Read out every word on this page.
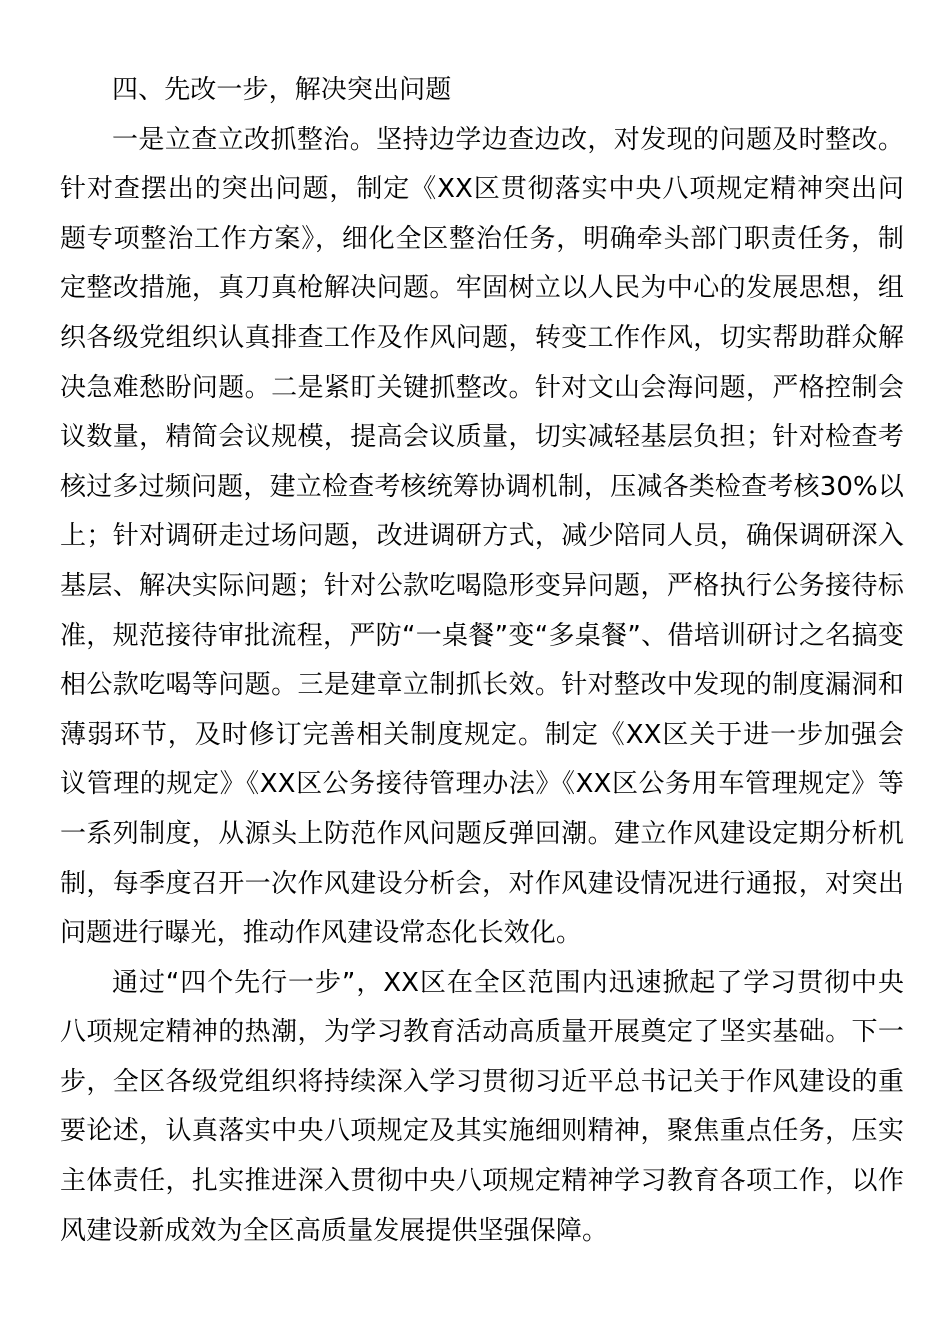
四、先改一步，解决突出问题

一是立查立改抓整治。坚持边学边查边改，对发现的问题及时整改。针对查摆出的突出问题，制定《XX区贯彻落实中央八项规定精神突出问题专项整治工作方案》，细化全区整治任务，明确牵头部门职责任务，制定整改措施，真刀真枪解决问题。牢固树立以人民为中心的发展思想，组织各级党组织认真排查工作及作风问题，转变工作作风，切实帮助群众解决急难愁盼问题。二是紧盯关键抓整改。针对文山会海问题，严格控制会议数量，精简会议规模，提高会议质量，切实减轻基层负担；针对检查考核过多过频问题，建立检查考核统筹协调机制，压减各类检查考核30%以上；针对调研走过场问题，改进调研方式，减少陪同人员，确保调研深入基层、解决实际问题；针对公款吃喝隐形变异问题，严格执行公务接待标准，规范接待审批流程，严防“一桌餐”变“多桌餐”、借培训研讨之名搞变相公款吃喝等问题。三是建章立制抓长效。针对整改中发现的制度漏洞和薄弱环节，及时修订完善相关制度规定。制定《XX区关于进一步加强会议管理的规定》《XX区公务接待管理办法》《XX区公务用车管理规定》等一系列制度，从源头上防范作风问题反弹回潮。建立作风建设定期分析机制，每季度召开一次作风建设分析会，对作风建设情况进行通报，对突出问题进行曝光，推动作风建设常态化长效化。

通过“四个先行一步”，XX区在全区范围内迅速掀起了学习贯彻中央八项规定精神的热潮，为学习教育活动高质量开展奠定了坚实基础。下一步，全区各级党组织将持续深入学习贯彻习近平总书记关于作风建设的重要论述，认真落实中央八项规定及其实施细则精神，聚焦重点任务，压实主体责任，扎实推进深入贯彻中央八项规定精神学习教育各项工作，以作风建设新成效为全区高质量发展提供坚强保障。
